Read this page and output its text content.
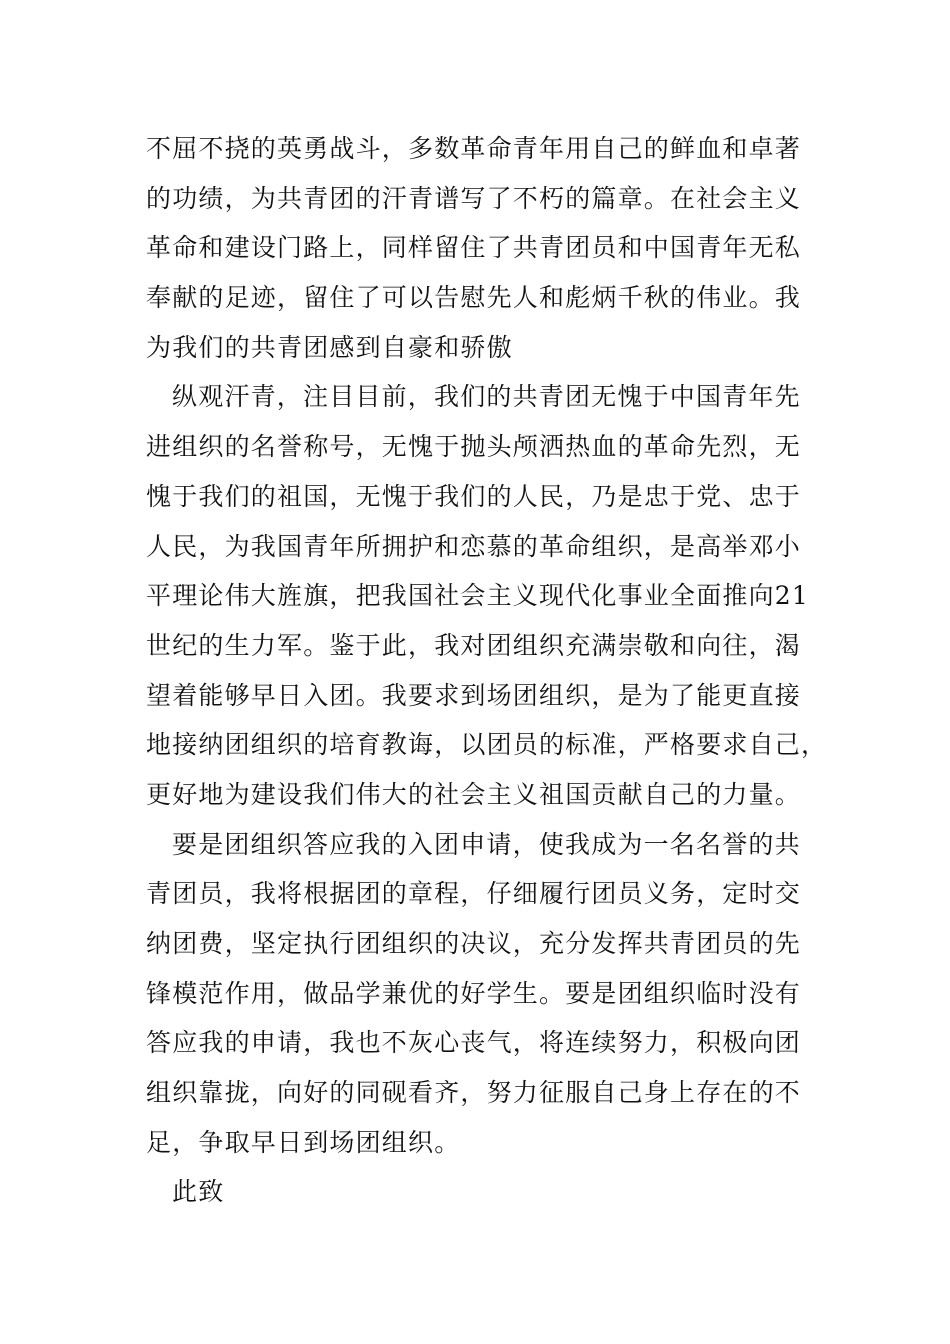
不屈不挠的英勇战斗，多数革命青年用自己的鲜血和卓著
的功绩，为共青团的汗青谱写了不朽的篇章。在社会主义
革命和建设门路上，同样留住了共青团员和中国青年无私
奉献的足迹，留住了可以告慰先人和彪炳千秋的伟业。我
为我们的共青团感到自豪和骄傲

纵观汗青，注目目前，我们的共青团无愧于中国青年先
进组织的名誉称号，无愧于抛头颅洒热血的革命先烈，无
愧于我们的祖国，无愧于我们的人民，乃是忠于党、忠于
人民，为我国青年所拥护和恋慕的革命组织，是高举邓小
平理论伟大旌旗，把我国社会主义现代化事业全面推向21
世纪的生力军。鉴于此，我对团组织充满崇敬和向往，渴
望着能够早日入团。我要求到场团组织，是为了能更直接
地接纳团组织的培育教诲，以团员的标准，严格要求自己，
更好地为建设我们伟大的社会主义祖国贡献自己的力量。

要是团组织答应我的入团申请，使我成为一名名誉的共
青团员，我将根据团的章程，仔细履行团员义务，定时交
纳团费，坚定执行团组织的决议，充分发挥共青团员的先
锋模范作用，做品学兼优的好学生。要是团组织临时没有
答应我的申请，我也不灰心丧气，将连续努力，积极向团
组织靠拢，向好的同砚看齐，努力征服自己身上存在的不
足，争取早日到场团组织。

此致
